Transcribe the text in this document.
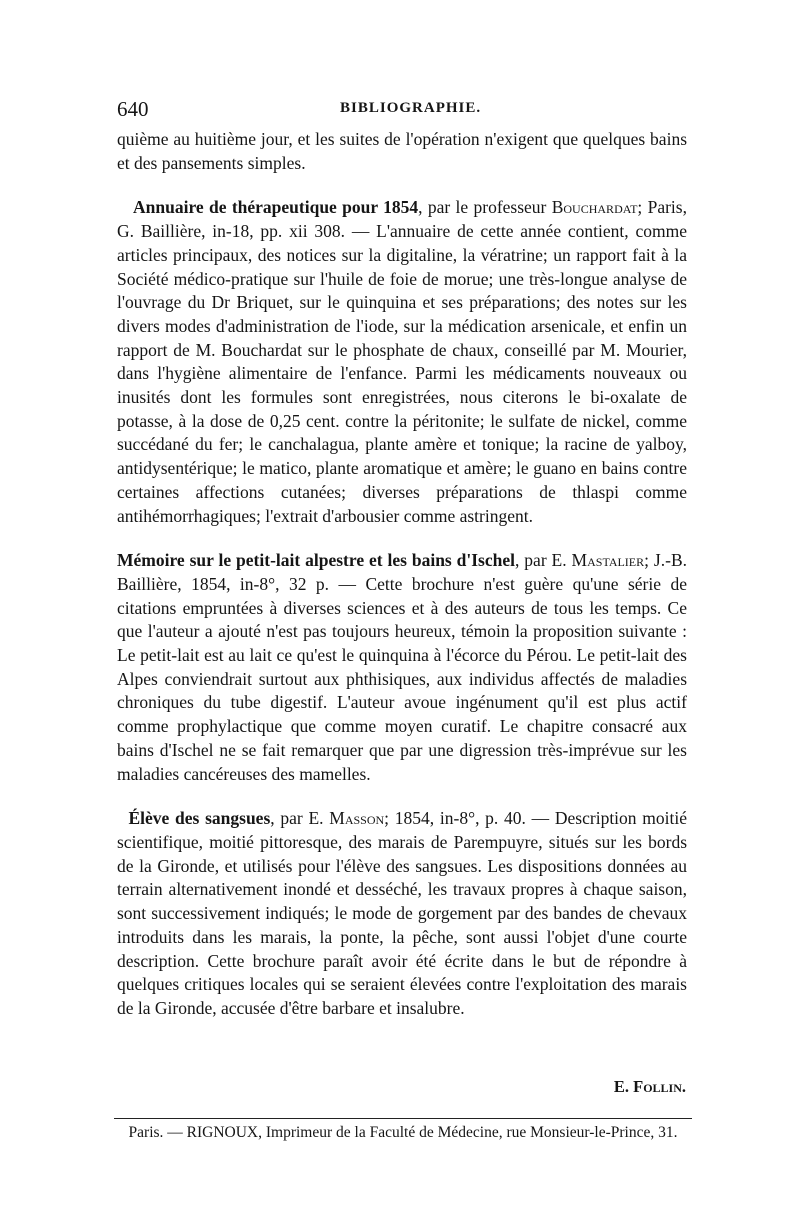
640	BIBLIOGRAPHIE.

quième au huitième jour, et les suites de l'opération n'exigent que quelques bains et des pansements simples.

Annuaire de thérapeutique pour 1854, par le professeur Bouchardat; Paris, G. Baillière, in-18, pp. xii 308. — L'annuaire de cette année contient, comme articles principaux, des notices sur la digitaline, la vératrine; un rapport fait à la Société médico-pratique sur l'huile de foie de morue; une très-longue analyse de l'ouvrage du Dr Briquet, sur le quinquina et ses préparations; des notes sur les divers modes d'administration de l'iode, sur la médication arsenicale, et enfin un rapport de M. Bouchardat sur le phosphate de chaux, conseillé par M. Mourier, dans l'hygiène alimentaire de l'enfance. Parmi les médicaments nouveaux ou inusités dont les formules sont enregistrées, nous citerons le bi-oxalate de potasse, à la dose de 0,25 cent. contre la péritonite; le sulfate de nickel, comme succédané du fer; le canchalagua, plante amère et tonique; la racine de yalboy, antidysentérique; le matico, plante aromatique et amère; le guano en bains contre certaines affections cutanées; diverses préparations de thlaspi comme antihémorrhagiques; l'extrait d'arbousier comme astringent.

Mémoire sur le petit-lait alpestre et les bains d'Ischel, par E. Mastalier; J.-B. Baillière, 1854, in-8°, 32 p. — Cette brochure n'est guère qu'une série de citations empruntées à diverses sciences et à des auteurs de tous les temps. Ce que l'auteur a ajouté n'est pas toujours heureux, témoin la proposition suivante : Le petit-lait est au lait ce qu'est le quinquina à l'écorce du Pérou. Le petit-lait des Alpes conviendrait surtout aux phthisiques, aux individus affectés de maladies chroniques du tube digestif. L'auteur avoue ingénument qu'il est plus actif comme prophylactique que comme moyen curatif. Le chapitre consacré aux bains d'Ischel ne se fait remarquer que par une digression très-imprévue sur les maladies cancéreuses des mamelles.

Élève des sangsues, par E. Masson; 1854, in-8°, p. 40. — Description moitié scientifique, moitié pittoresque, des marais de Parempuyre, situés sur les bords de la Gironde, et utilisés pour l'élève des sangsues. Les dispositions données au terrain alternativement inondé et desséché, les travaux propres à chaque saison, sont successivement indiqués; le mode de gorgement par des bandes de chevaux introduits dans les marais, la ponte, la pêche, sont aussi l'objet d'une courte description. Cette brochure paraît avoir été écrite dans le but de répondre à quelques critiques locales qui se seraient élevées contre l'exploitation des marais de la Gironde, accusée d'être barbare et insalubre.

E. Follin.
Paris. — RIGNOUX, Imprimeur de la Faculté de Médecine, rue Monsieur-le-Prince, 31.
